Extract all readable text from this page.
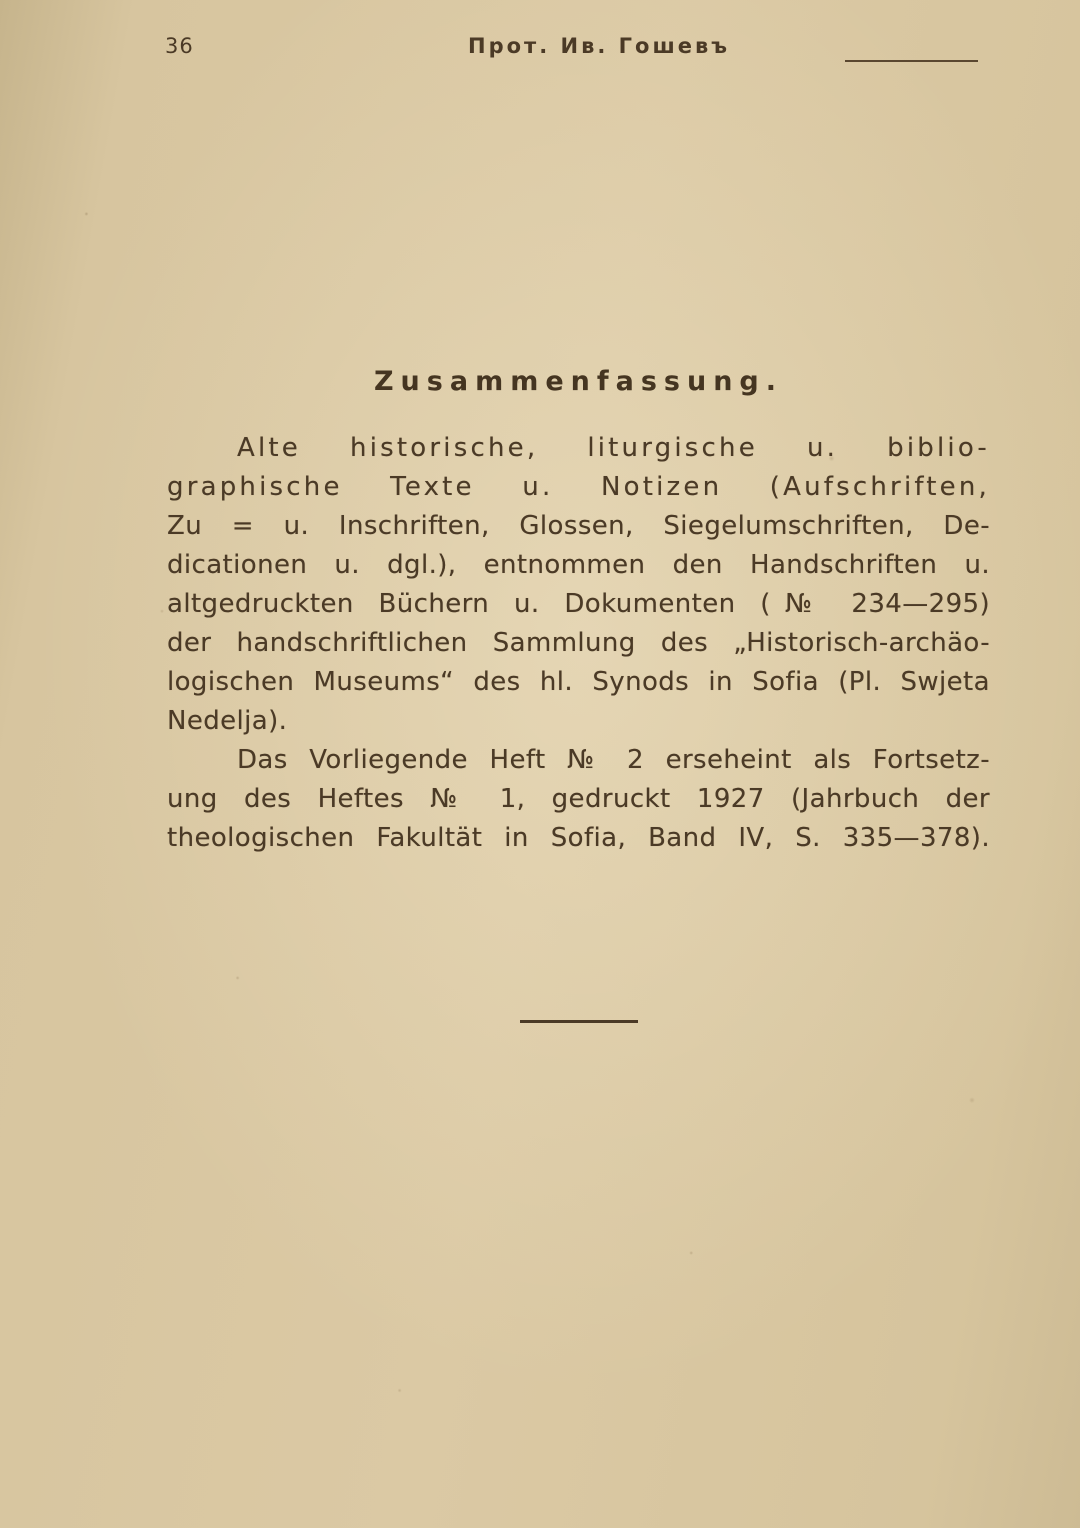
36	Прот. Ив. Гошевъ
Zusammenfassung.
Alte historische, liturgische u. biblio-
graphische Texte u. Notizen (Aufschriften,
Zu = u. Inschriften, Glossen, Siegelumschriften, De-
dicationen u. dgl.), entnommen den Handschriften u.
altgedruckten Büchern u. Dokumenten (№ 234—295)
der handschriftlichen Sammlung des „Historisch-archäo-
logischen Museums“ des hl. Synods in Sofia (Pl. Swjeta
Nedelja).
Das Vorliegende Heft № 2 erseheint als Fortsetz-
ung des Heftes № 1, gedruckt 1927 (Jahrbuch der
theologischen Fakultät in Sofia, Band IV, S. 335—378).
